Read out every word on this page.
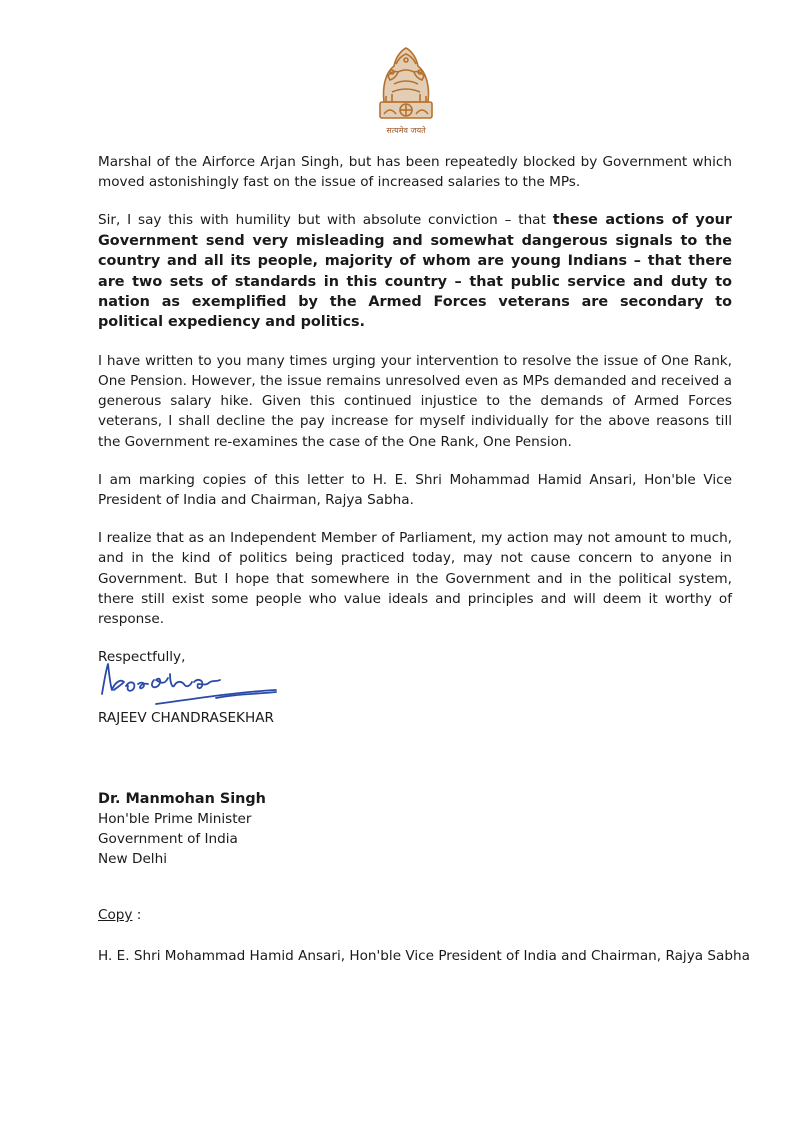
सत्यमेव जयते

Marshal of the Airforce Arjan Singh, but has been repeatedly blocked by Government which moved astonishingly fast on the issue of increased salaries to the MPs.

Sir, I say this with humility but with absolute conviction – that these actions of your Government send very misleading and somewhat dangerous signals to the country and all its people, majority of whom are young Indians – that there are two sets of standards in this country – that public service and duty to nation as exemplified by the Armed Forces veterans are secondary to political expediency and politics.

I have written to you many times urging your intervention to resolve the issue of One Rank, One Pension. However, the issue remains unresolved even as MPs demanded and received a generous salary hike. Given this continued injustice to the demands of Armed Forces veterans, I shall decline the pay increase for myself individually for the above reasons till the Government re-examines the case of the One Rank, One Pension.

I am marking copies of this letter to H. E. Shri Mohammad Hamid Ansari, Hon'ble Vice President of India and Chairman, Rajya Sabha.

I realize that as an Independent Member of Parliament, my action may not amount to much, and in the kind of politics being practiced today, may not cause concern to anyone in Government. But I hope that somewhere in the Government and in the political system, there still exist some people who value ideals and principles and will deem it worthy of response.

Respectfully,

RAJEEV CHANDRASEKHAR
Dr. Manmohan Singh
Hon'ble Prime Minister
Government of India
New Delhi
Copy :
H. E. Shri Mohammad Hamid Ansari, Hon'ble Vice President of India and Chairman, Rajya Sabha
